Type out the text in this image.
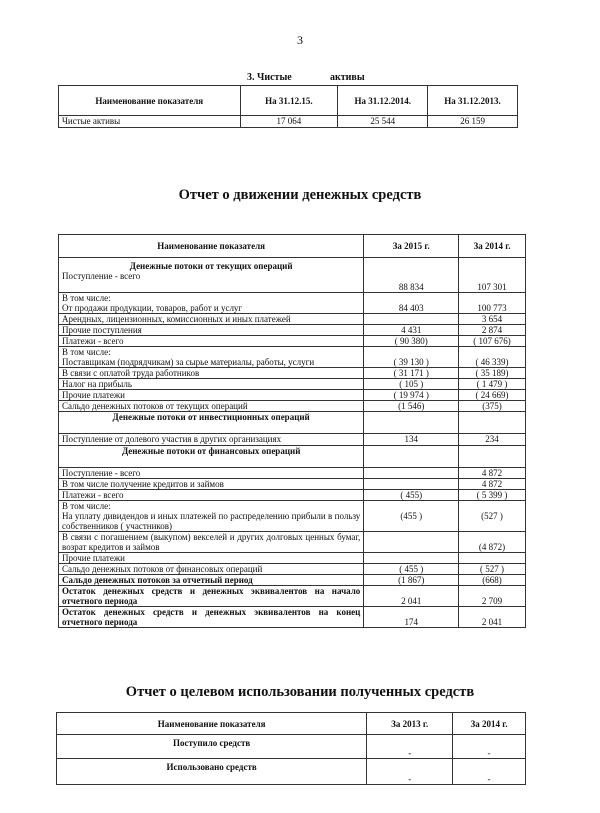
3
3. Чистые	активы
Наименование показателя	На 31.12.15.	На 31.12.2014.	На 31.12.2013.
Чистые активы	17 064	25 544	26 159
Отчет о движении денежных средств
Наименование показателя	За 2015 г.	За 2014 г.

Денежные потоки от текущих операций
Поступление - всего	88 834	107 301

В том числе:
От продажи продукции, товаров, работ и услуг	84 403	100 773
Арендных, лицензионных, комиссионных и иных платежей		3 654
Прочие поступления	4 431	2 874
Платежи - всего	( 90 380)	( 107 676)

В том числе:
Поставщикам (подрядчикам) за сырье материалы, работы, услуги	( 39 130 )	( 46 339)
В связи с оплатой труда работников	( 31 171 )	( 35 189)
Налог на прибыль	( 105 )	( 1 479 )
Прочие платежи	( 19 974 )	( 24 669)
Сальдо денежных потоков от текущих операций	(1 546)	(375)
Денежные потоки от инвестиционных операций		
Поступление от долевого участия в других организациях	134	234
Денежные потоки от финансовых операций		
Поступление - всего		4 872
В том числе получение кредитов и займов		4 872
Платежи - всего	( 455)	( 5 399 )

В том числе:
На уплату дивидендов и иных платежей по распределению прибыли в пользу собственников ( участников)	(455 )	(527 )
В связи с погашением (выкупом) векселей и других долговых ценных бумаг, возрат кредитов и займов		(4 872)
Прочие платежи		
Сальдо денежных потоков от финансовых операций	( 455 )	( 527 )
Сальдо денежных потоков за отчетный период	(1 867)	(668)
Остаток денежных средств и денежных эквивалентов на начало отчетного периода	2 041	2 709
Остаток денежных средств и денежных эквивалентов на конец отчетного периода	174	2 041
Отчет о целевом использовании полученных средств
Наименование показателя	За 2013 г.	За 2014 г.
Поступило средств	-	-
Использовано средств	-	-
